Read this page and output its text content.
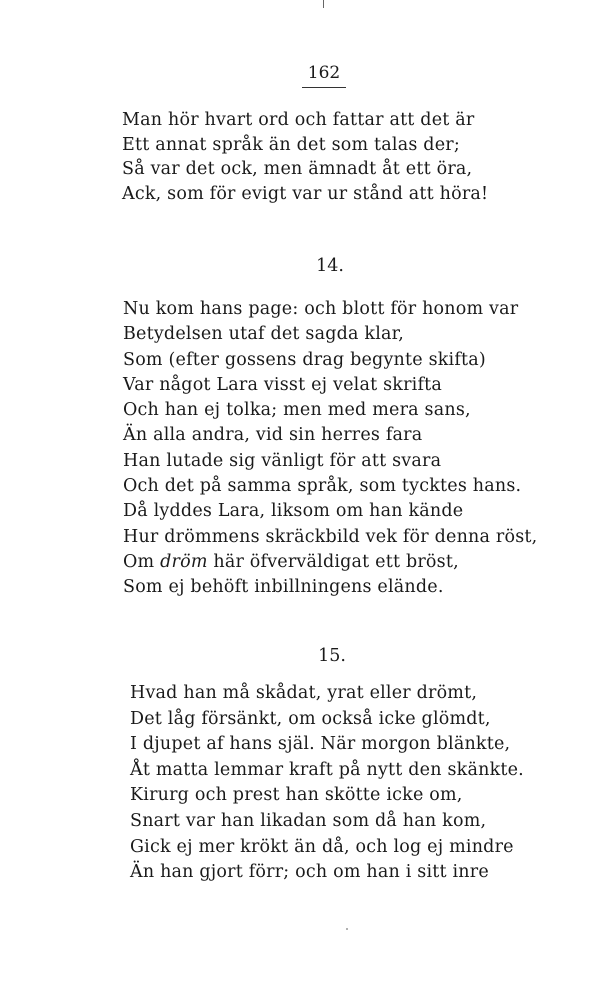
162
Man hör hvart ord och fattar att det är
Ett annat språk än det som talas der;
Så var det ock, men ämnadt åt ett öra,
Ack, som för evigt var ur stånd att höra!
14.
Nu kom hans page: och blott för honom var
Betydelsen utaf det sagda klar,
Som (efter gossens drag begynte skifta)
Var något Lara visst ej velat skrifta
Och han ej tolka; men med mera sans,
Än alla andra, vid sin herres fara
Han lutade sig vänligt för att svara
Och det på samma språk, som tycktes hans.
Då lyddes Lara, liksom om han kände
Hur drömmens skräckbild vek för denna röst,
Om dröm här öfverväldigat ett bröst,
Som ej behöft inbillningens elände.
15.
Hvad han må skådat, yrat eller drömt,
Det låg försänkt, om också icke glömdt,
I djupet af hans själ. När morgon blänkte,
Åt matta lemmar kraft på nytt den skänkte.
Kirurg och prest han skötte icke om,
Snart var han likadan som då han kom,
Gick ej mer krökt än då, och log ej mindre
Än han gjort förr; och om han i sitt inre
